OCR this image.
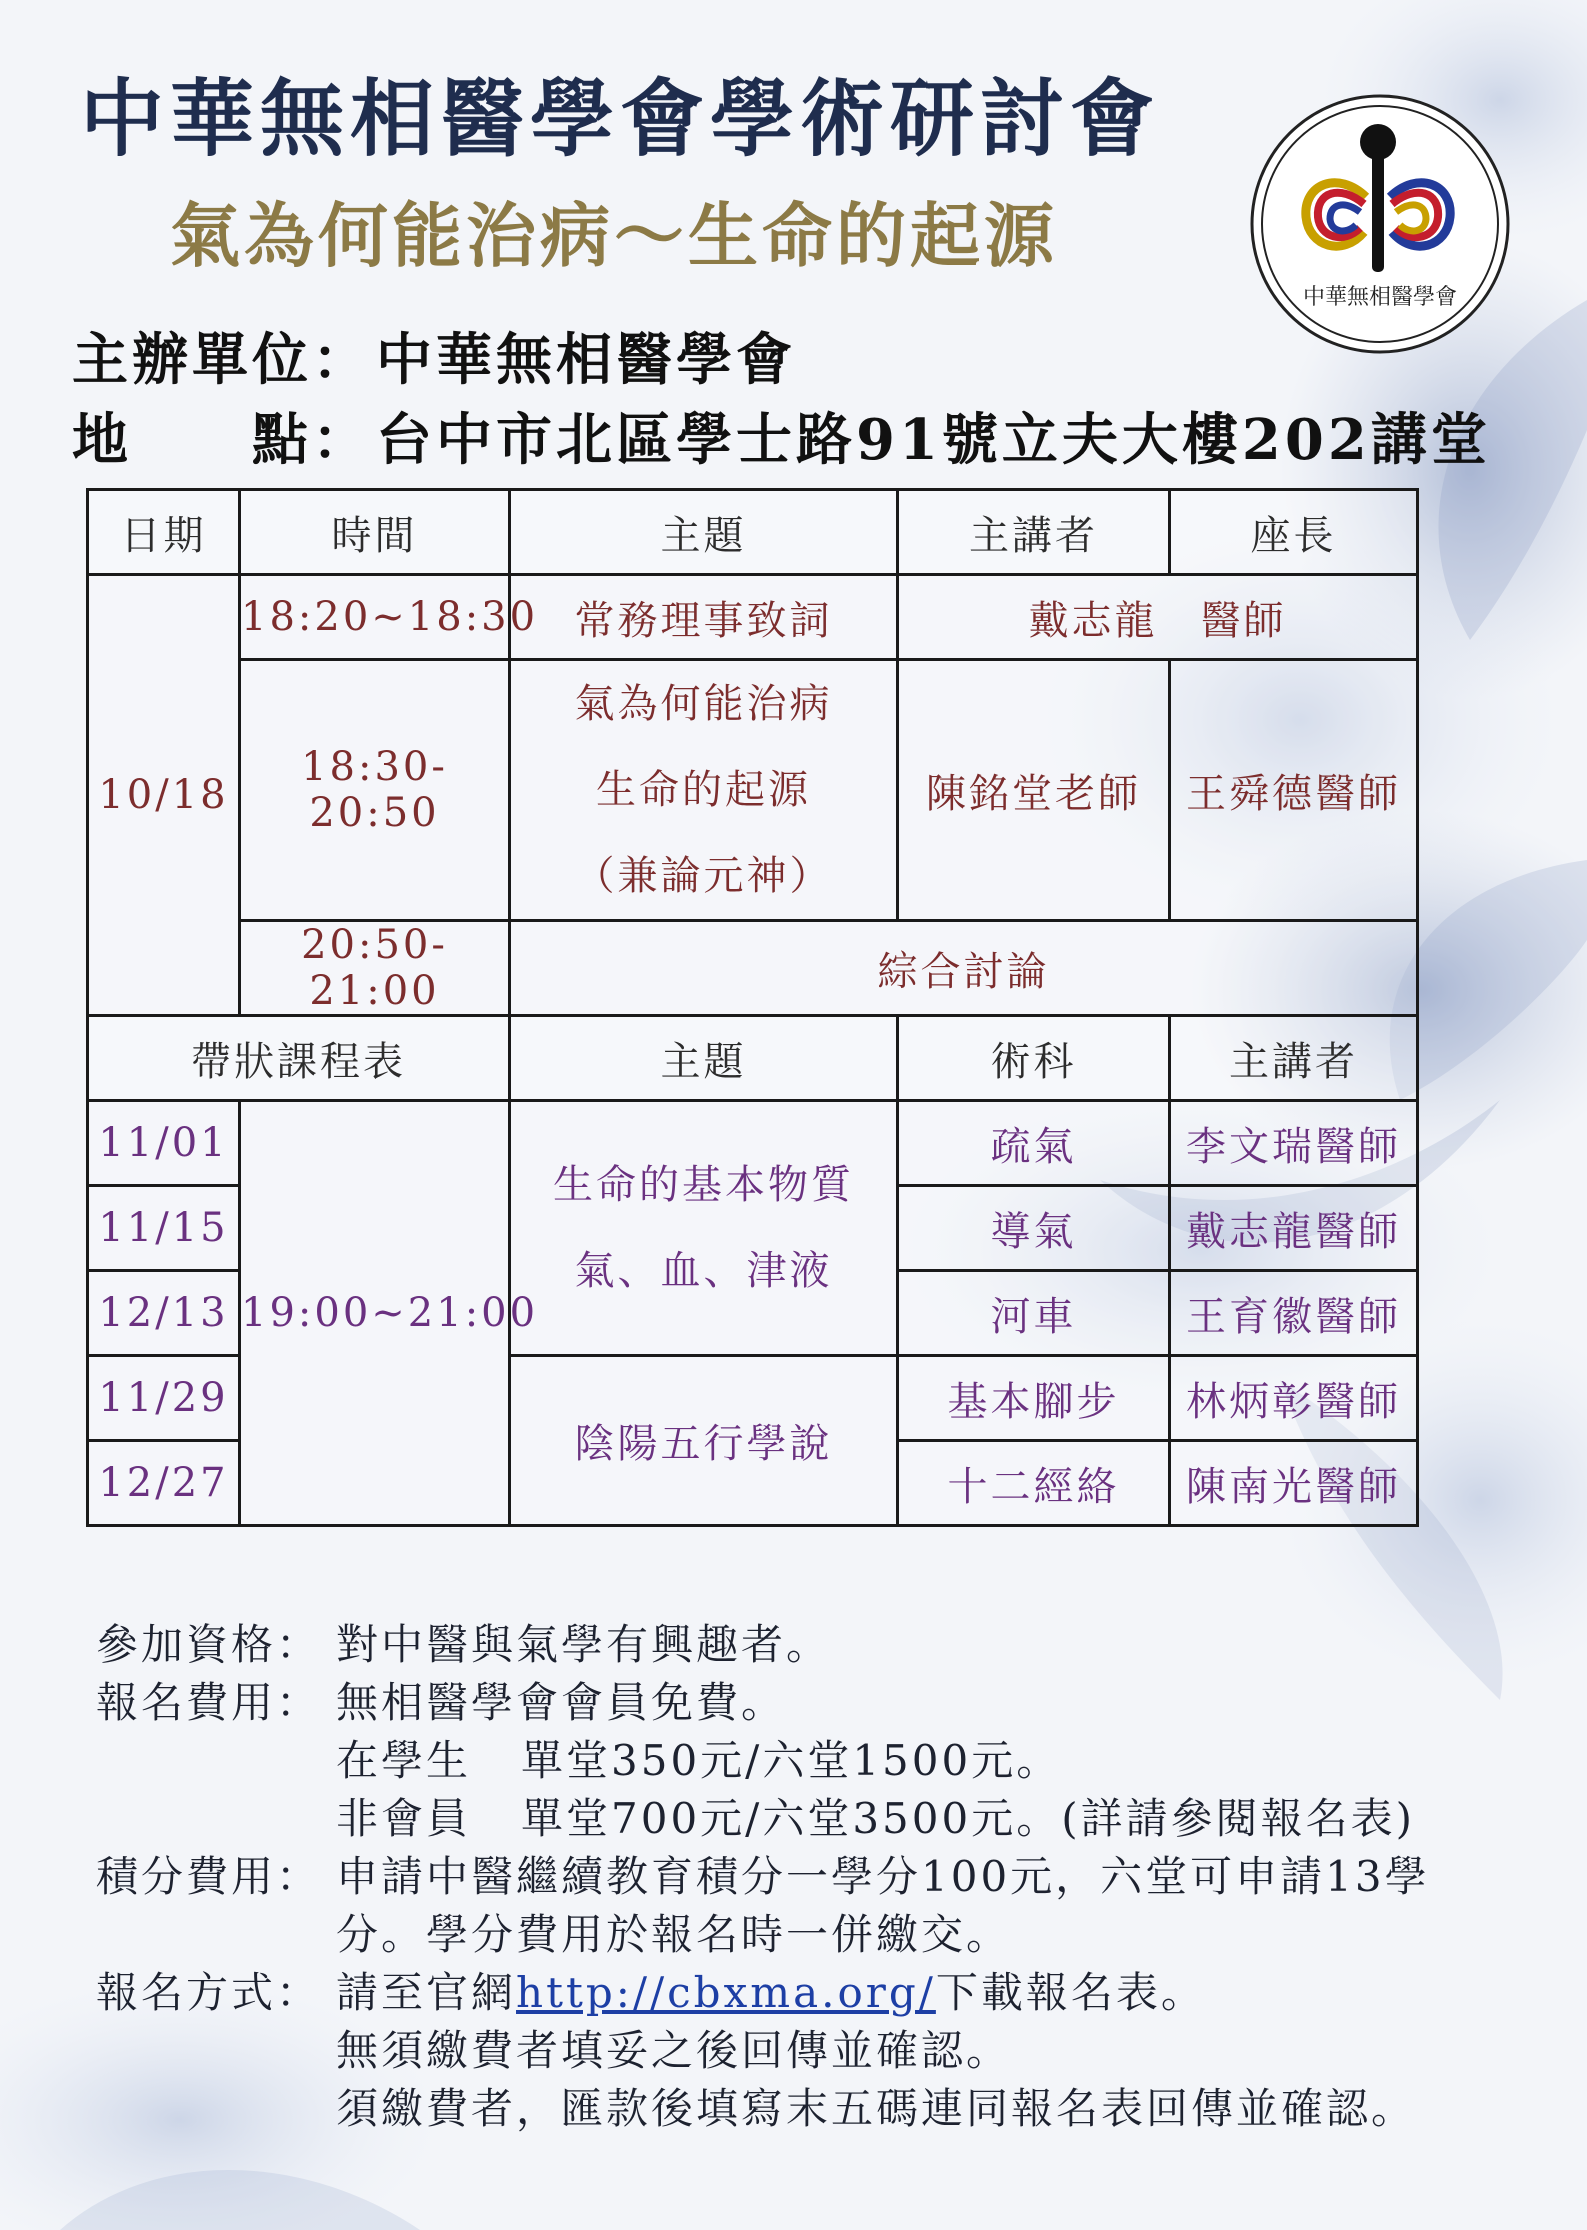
中華無相醫學會學術研討會
氣為何能治病～生命的起源
中華無相醫學會
主辦單位：中華無相醫學會
地　　點：台中市北區學士路91號立夫大樓202講堂
日期	時間	主題	主講者	座長
10/18	18:20~18:30	常務理事致詞	戴志龍　醫師	
	18:30-20:50	氣為何能治病
生命的起源
（兼論元神）	陳銘堂老師	王舜德醫師
	20:50-21:00	綜合討論		
帶狀課程表		主題	術科	主講者
11/01	19:00~21:00	生命的基本物質
氣、血、津液	疏氣	李文瑞醫師
11/15			導氣	戴志龍醫師
12/13			河車	王育徽醫師
11/29		陰陽五行學說	基本腳步	林炳彰醫師
12/27			十二經絡	陳南光醫師
參加資格： 對中醫與氣學有興趣者。
報名費用： 無相醫學會會員免費。
在學生 單堂350元/六堂1500元。
非會員 單堂700元/六堂3500元。(詳請參閱報名表)
積分費用： 申請中醫繼續教育積分一學分100元，六堂可申請13學
分。學分費用於報名時一併繳交。
報名方式： 請至官網http://cbxma.org/下載報名表。
無須繳費者填妥之後回傳並確認。
須繳費者，匯款後填寫末五碼連同報名表回傳並確認。
